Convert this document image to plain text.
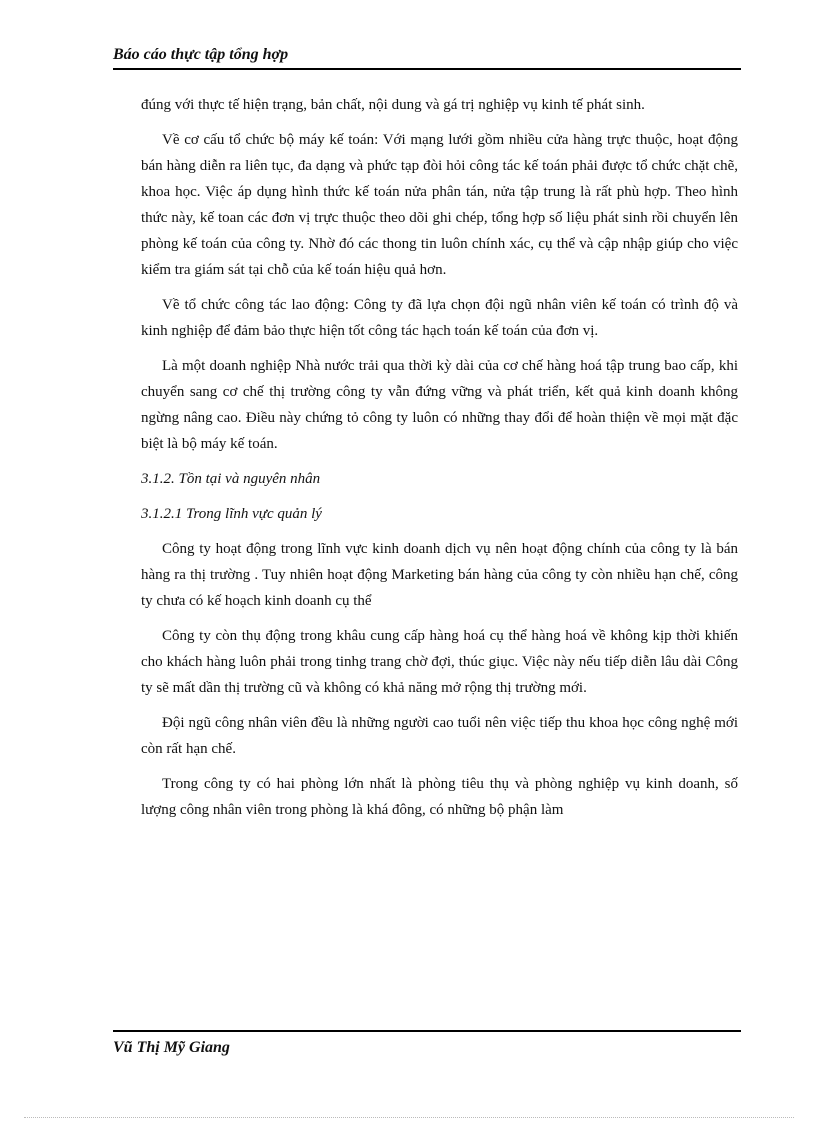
Báo cáo thực tập tổng hợp

đúng với thực tế hiện trạng, bản chất, nội dung và gá trị nghiệp vụ kinh tế phát sinh.

Về cơ cấu tổ chức bộ máy kế toán: Với mạng lưới gồm nhiều cửa hàng trực thuộc, hoạt động bán hàng diễn ra liên tục, đa dạng và phức tạp đòi hỏi công tác kế toán phải được tổ chức chặt chẽ, khoa học. Việc áp dụng hình thức kế toán nửa phân tán, nửa tập trung là rất phù hợp. Theo hình thức này, kế toan các đơn vị trực thuộc theo dõi ghi chép, tổng hợp số liệu phát sinh rồi chuyển lên phòng kế toán của công ty. Nhờ đó các thong tin luôn chính xác, cụ thể và cập nhập giúp cho việc kiểm tra giám sát tại chỗ của kế toán hiệu quả hơn.

Về tổ chức công tác lao động: Công ty đã lựa chọn đội ngũ nhân viên kế toán có trình độ và kinh nghiệp để đảm bảo thực hiện tốt công tác hạch toán kế toán của đơn vị.

Là một doanh nghiệp Nhà nước trải qua thời kỳ dài của cơ chế hàng hoá tập trung bao cấp, khi chuyển sang cơ chế thị trường công ty vẫn đứng vững và phát triển, kết quả kinh doanh không ngừng nâng cao. Điều này chứng tỏ công ty luôn có những thay đổi để hoàn thiện về mọi mặt đặc biệt là bộ máy kế toán.

3.1.2. Tồn tại và nguyên nhân
3.1.2.1 Trong lĩnh vực quản lý

Công ty hoạt động trong lĩnh vực kinh doanh dịch vụ nên hoạt động chính của công ty là bán hàng ra thị trường . Tuy nhiên hoạt động Marketing bán hàng của công ty còn nhiều hạn chế, công ty chưa có kế hoạch kinh doanh cụ thể

Công ty còn thụ động trong khâu cung cấp hàng hoá cụ thể hàng hoá về không kịp thời khiến cho khách hàng luôn phải trong tinhg trang chờ đợi, thúc giục. Việc này nếu tiếp diễn lâu dài Công ty sẽ mất dần thị trường cũ và không có khả năng mở rộng thị trường mới.

Đội ngũ công nhân viên đều là những người cao tuổi nên việc tiếp thu khoa học công nghệ mới còn rất hạn chế.

Trong công ty có hai phòng lớn nhất là phòng tiêu thụ và phòng nghiệp vụ kinh doanh, số lượng công nhân viên trong phòng là khá đông, có những bộ phận làm

Vũ Thị Mỹ Giang
